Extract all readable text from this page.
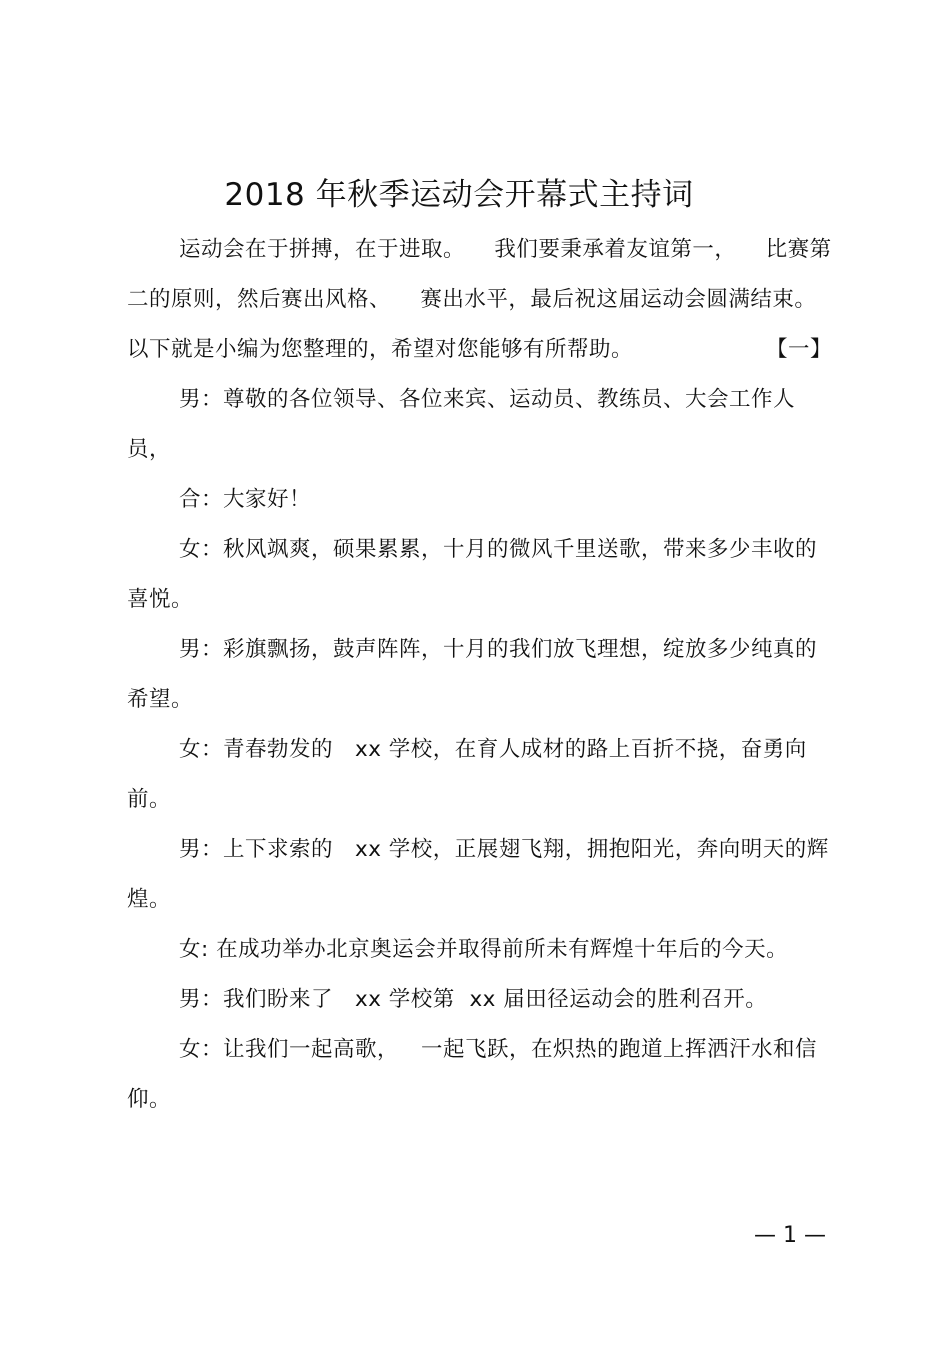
2018 年秋季运动会开幕式主持词

运动会在于拼搏，在于进取。    我们要秉承着友谊第一，    比赛第二的原则，然后赛出风格、    赛出水平，最后祝这届运动会圆满结束。以下就是小编为您整理的，希望对您能够有所帮助。	【一】

男：尊敬的各位领导、各位来宾、运动员、教练员、大会工作人员，

合：大家好！

女：秋风飒爽，硕果累累，十月的微风千里送歌，带来多少丰收的喜悦。

男：彩旗飘扬，鼓声阵阵，十月的我们放飞理想，绽放多少纯真的希望。

女：青春勃发的   xx 学校，在育人成材的路上百折不挠，奋勇向前。

男：上下求索的   xx 学校，正展翅飞翔，拥抱阳光，奔向明天的辉煌。

女: 在成功举办北京奥运会并取得前所未有辉煌十年后的今天。

男：我们盼来了   xx 学校第  xx 届田径运动会的胜利召开。

女：让我们一起高歌，   一起飞跃，在炽热的跑道上挥洒汗水和信仰。

— 1 —
